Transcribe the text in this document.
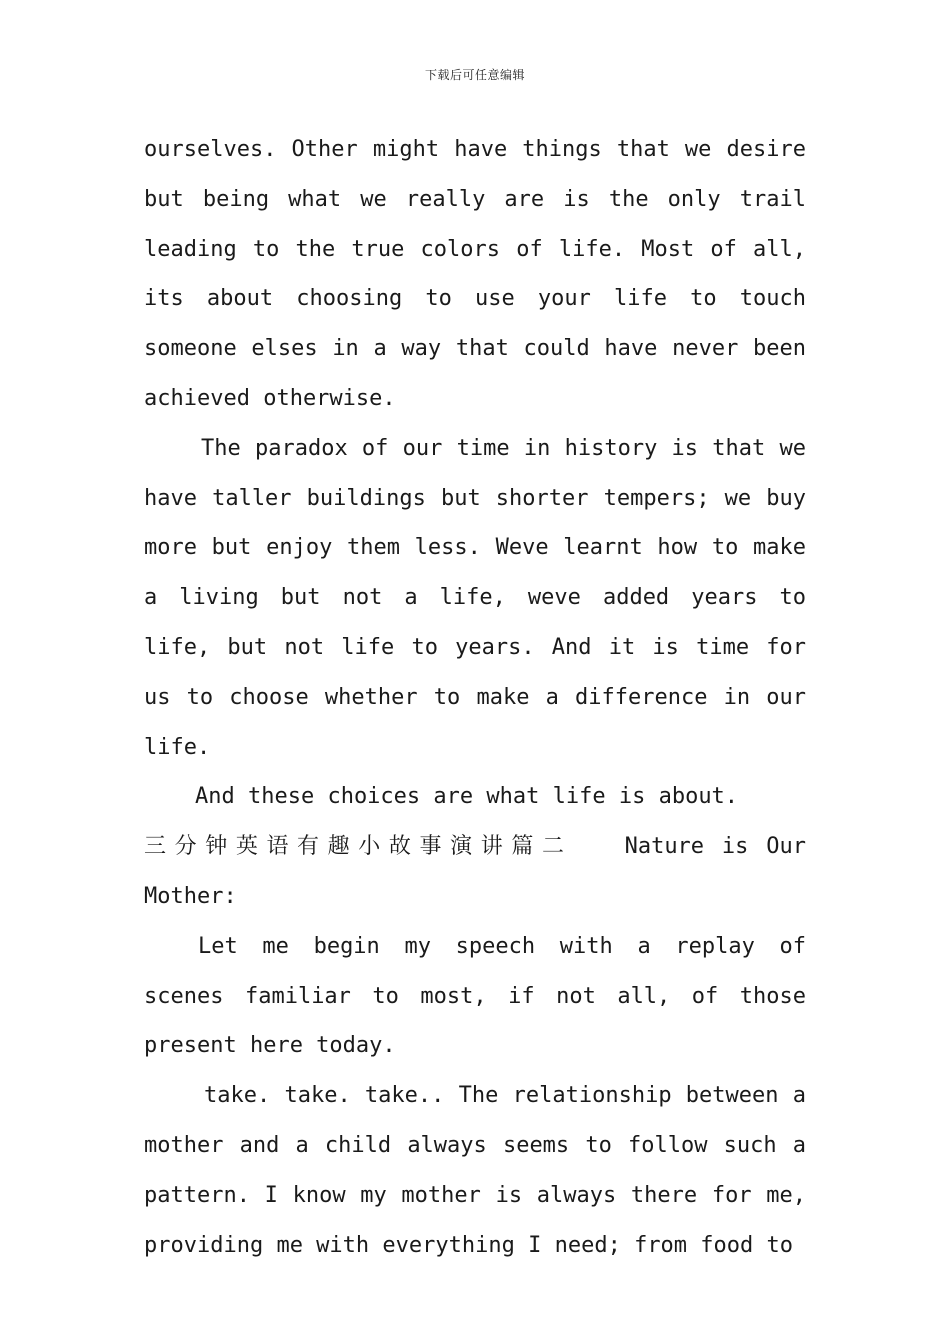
下载后可任意编辑

ourselves. Other might have things that we desire but being what we really are is the only trail leading to the true colors of life. Most of all, its about choosing to use your life to touch someone elses in a way that could have never been achieved otherwise.

The paradox of our time in history is that we have taller buildings but shorter tempers; we buy more but enjoy them less. Weve learnt how to make a living but not a life, weve added years to life, but not life to years. And it is time for us to choose whether to make a difference in our life.

And these choices are what life is about.

三分钟英语有趣小故事演讲篇二 Nature is Our Mother:

Let me begin my speech with a replay of scenes familiar to most, if not all, of those present here today.

take. take. take.. The relationship between a mother and a child always seems to follow such a pattern. I know my mother is always there for me, providing me with everything I need; from food to
